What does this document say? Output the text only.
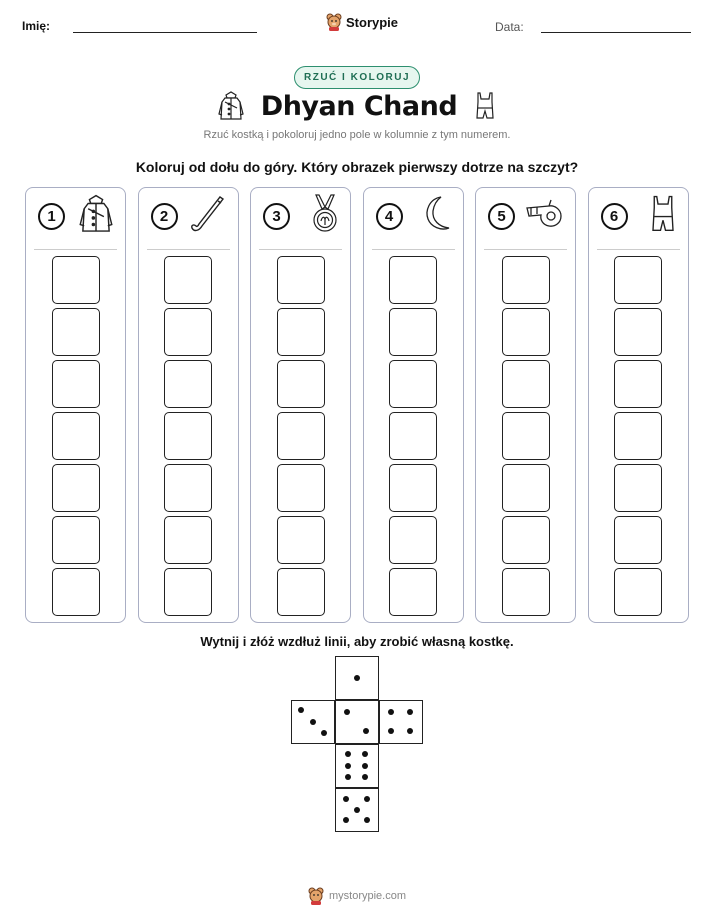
Imię:	Storypie	Data:
RZUĆ I KOLORUJ
Dhyan Chand
Rzuć kostką i pokoloruj jedno pole w kolumnie z tym numerem.
Koloruj od dołu do góry. Który obrazek pierwszy dotrze na szczyt?
1	2	3	4	5	6
Wytnij i złóż wzdłuż linii, aby zrobić własną kostkę.
mystorypie.com
